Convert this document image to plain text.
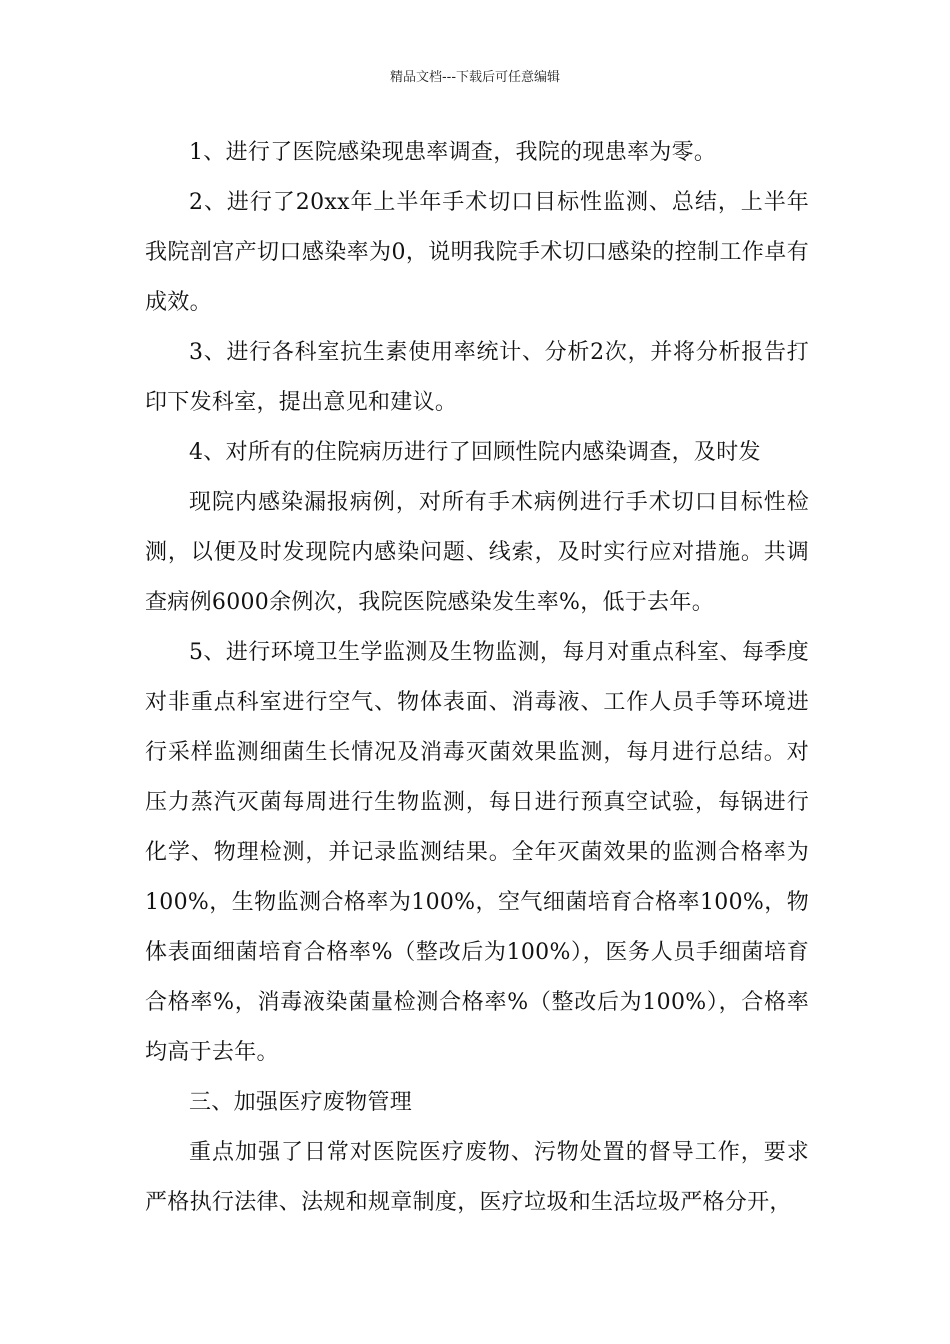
精品文档---下载后可任意编辑

1、进行了医院感染现患率调查，我院的现患率为零。

2、进行了20xx年上半年手术切口目标性监测、总结，上半年我院剖宫产切口感染率为0，说明我院手术切口感染的控制工作卓有成效。

3、进行各科室抗生素使用率统计、分析2次，并将分析报告打印下发科室，提出意见和建议。

4、对所有的住院病历进行了回顾性院内感染调查，及时发

现院内感染漏报病例，对所有手术病例进行手术切口目标性检测，以便及时发现院内感染问题、线索，及时实行应对措施。共调查病例6000余例次，我院医院感染发生率%，低于去年。

5、进行环境卫生学监测及生物监测，每月对重点科室、每季度对非重点科室进行空气、物体表面、消毒液、工作人员手等环境进行采样监测细菌生长情况及消毒灭菌效果监测，每月进行总结。对压力蒸汽灭菌每周进行生物监测，每日进行预真空试验，每锅进行化学、物理检测，并记录监测结果。全年灭菌效果的监测合格率为100%，生物监测合格率为100%，空气细菌培育合格率100%，物体表面细菌培育合格率%（整改后为100%），医务人员手细菌培育合格率%，消毒液染菌量检测合格率%（整改后为100%），合格率均高于去年。

三、加强医疗废物管理

重点加强了日常对医院医疗废物、污物处置的督导工作，要求严格执行法律、法规和规章制度，医疗垃圾和生活垃圾严格分开，
